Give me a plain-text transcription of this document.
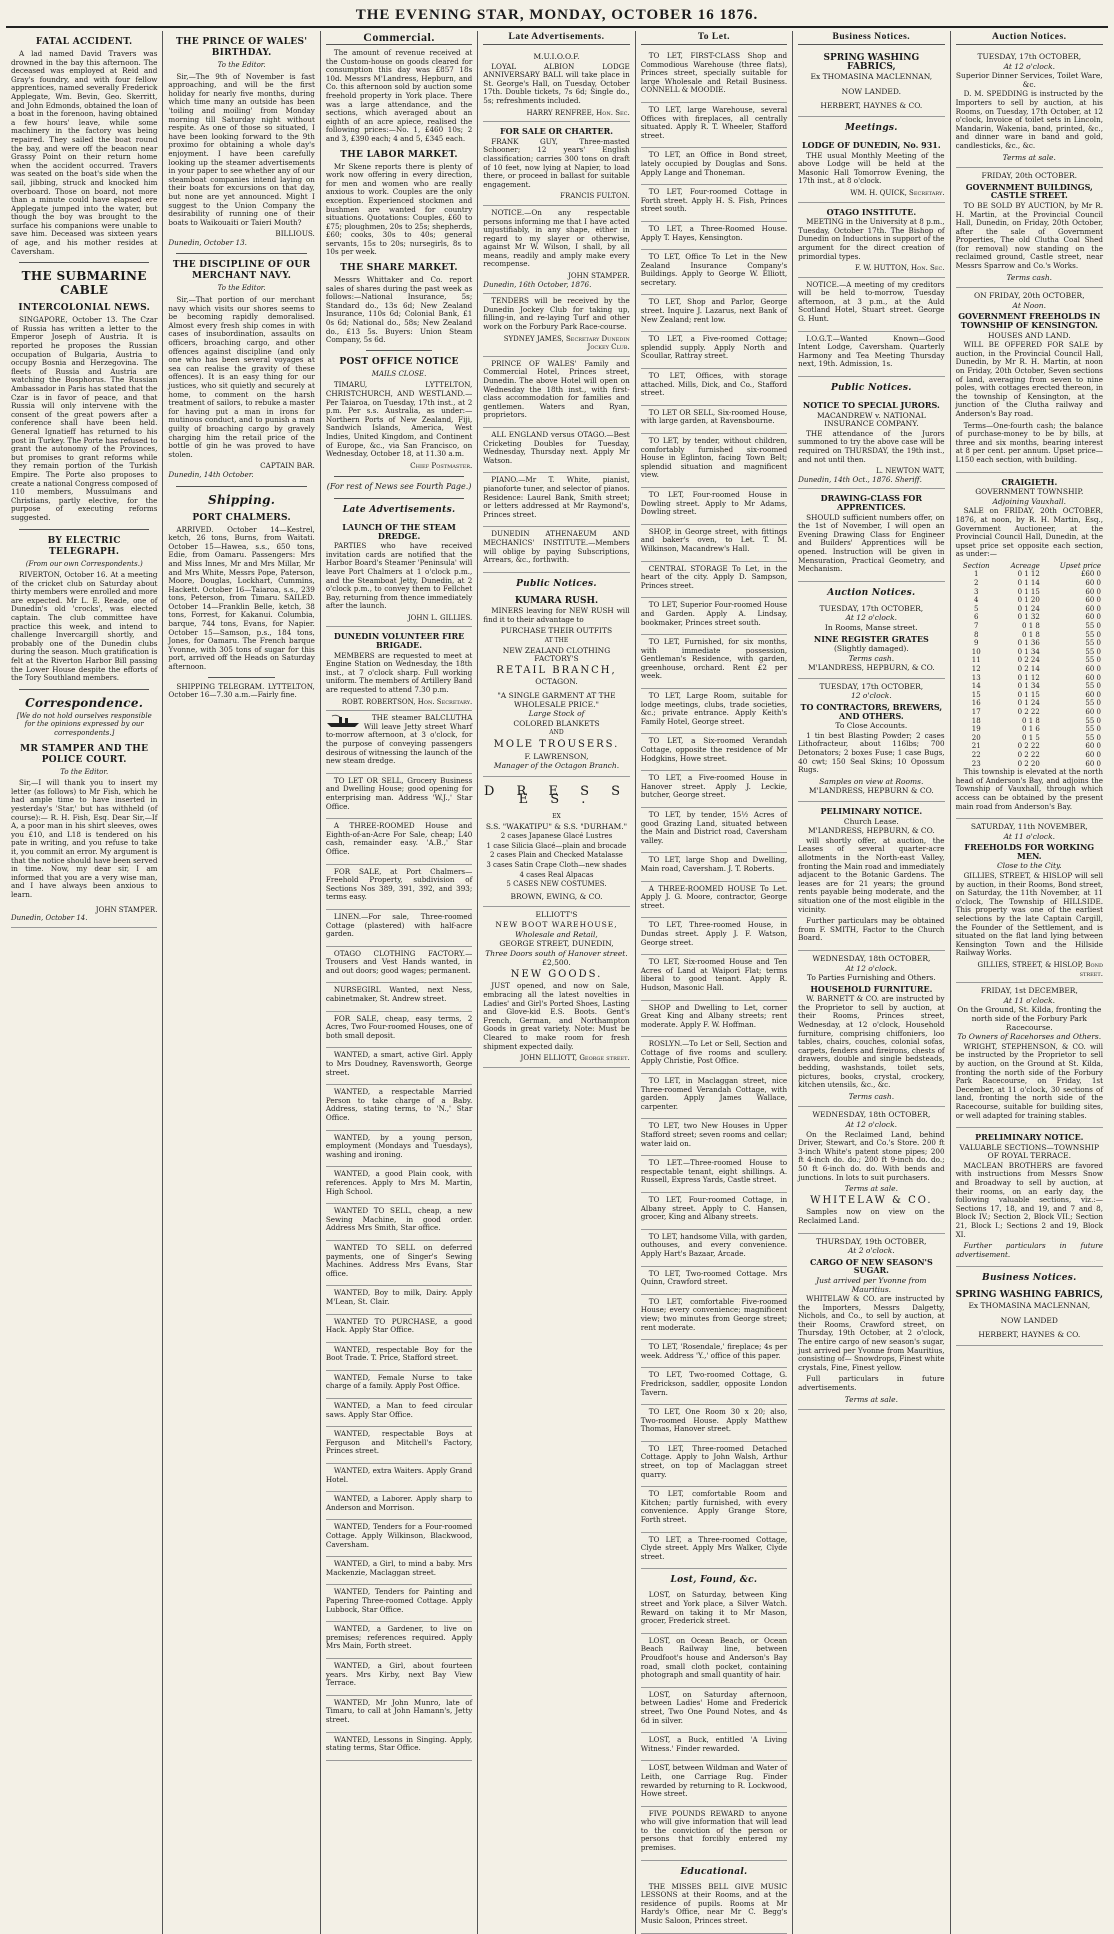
THE EVENING STAR, MONDAY, OCTOBER 16 1876.
FATAL ACCIDENT.

A lad named David Travers was drowned in the bay this afternoon. The deceased was employed at Reid and Gray's foundry, and with four fellow apprentices, named severally Frederick Applegate, Wm. Bevin, Geo. Skerritt, and John Edmonds, obtained the loan of a boat in the forenoon, having obtained a few hours' leave, while some machinery in the factory was being repaired. They sailed the boat round the bay, and were off the beacon near Grassy Point on their return home when the accident occurred. Travers was seated on the boat's side when the sail, jibbing, struck and knocked him overboard. Those on board, not more than a minute could have elapsed ere Applegate jumped into the water, but though the boy was brought to the surface his companions were unable to save him. Deceased was sixteen years of age, and his mother resides at Caversham.

THE SUBMARINE CABLE
INTERCOLONIAL NEWS.

SINGAPORE, October 13. The Czar of Russia has written a letter to the Emperor Joseph of Austria. It is reported he proposes the Russian occupation of Bulgaria, Austria to occupy Bosnia and Herzegovina. The fleets of Russia and Austria are watching the Bosphorus. The Russian Ambassador in Paris has stated that the Czar is in favor of peace, and that Russia will only intervene with the consent of the great powers after a conference shall have been held. General Ignatieff has returned to his post in Turkey. The Porte has refused to grant the autonomy of the Provinces, but promises to grant reforms while they remain portion of the Turkish Empire. The Porte also proposes to create a national Congress composed of 110 members, Mussulmans and Christians, partly elective, for the purpose of executing reforms suggested.

BY ELECTRIC TELEGRAPH.
(From our own Correspondents.)

RIVERTON, October 16. At a meeting of the cricket club on Saturday about thirty members were enrolled and more are expected. Mr L. E. Reade, one of Dunedin's old 'crocks', was elected captain. The club committee have practice this week, and intend to challenge Invercargill shortly, and probably one of the Dunedin clubs during the season. Much gratification is felt at the Riverton Harbor Bill passing the Lower House despite the efforts of the Tory Southland members.

Correspondence.
[We do not hold ourselves responsible for the opinions expressed by our correspondents.]
MR STAMPER AND THE POLICE COURT.
To the Editor.

Sir,—I will thank you to insert my letter (as follows) to Mr Fish, which he had ample time to have inserted in yesterday's 'Star,' but has withheld (of course):— R. H. Fish, Esq. Dear Sir,—If A, a poor man in his shirt sleeves, owes you £10, and L18 is tendered on his pate in writing, and you refuse to take it, you commit an error. My argument is that the notice should have been served in time. Now, my dear sir, I am informed that you are a very wise man, and I have always been anxious to learn.

JOHN STAMPER.
Dunedin, October 14.
THE PRINCE OF WALES' BIRTHDAY.
To the Editor.

Sir,—The 9th of November is fast approaching, and will be the first holiday for nearly five months, during which time many an outside has been 'toiling and moiling' from Monday morning till Saturday night without respite. As one of those so situated, I have been looking forward to the 9th proximo for obtaining a whole day's enjoyment. I have been carefully looking up the steamer advertisements in your paper to see whether any of our steamboat companies intend laying on their boats for excursions on that day, but none are yet announced. Might I suggest to the Union Company the desirability of running one of their boats to Waikouaiti or Taieri Mouth?

BILLIOUS.
Dunedin, October 13.
THE DISCIPLINE OF OUR MERCHANT NAVY.
To the Editor.

Sir,—That portion of our merchant navy which visits our shores seems to be becoming rapidly demoralised. Almost every fresh ship comes in with cases of insubordination, assaults on officers, broaching cargo, and other offences against discipline (and only one who has been several voyages at sea can realise the gravity of these offences). It is an easy thing for our justices, who sit quietly and securely at home, to comment on the harsh treatment of sailors, to rebuke a master for having put a man in irons for mutinous conduct, and to punish a man guilty of broaching cargo by gravely charging him the retail price of the bottle of gin he was proved to have stolen.

CAPTAIN BAR.
Dunedin, 14th October.
Shipping.
PORT CHALMERS.

ARRIVED. October 14—Kestrel, ketch, 26 tons, Burns, from Waitati. October 15—Hawea, s.s., 650 tons, Edie, from Oamaru. Passengers: Mrs and Miss Innes, Mr and Mrs Millar, Mr and Mrs White, Messrs Pope, Paterson, Moore, Douglas, Lockhart, Cummins, Hackett. October 16—Taiaroa, s.s., 239 tons, Peterson, from Timaru. SAILED. October 14—Franklin Belle, ketch, 38 tons, Forrest, for Kakanui. Columbia, barque, 744 tons, Evans, for Napier. October 15—Samson, p.s., 184 tons, Jones, for Oamaru. The French barque Yvonne, with 305 tons of sugar for this port, arrived off the Heads on Saturday afternoon.

SHIPPING TELEGRAM. LYTTELTON, October 16—7.30 a.m.—Fairly fine.

Commercial.

The amount of revenue received at the Custom-house on goods cleared for consumption this day was £857 18s 10d. Messrs M'Landress, Hepburn, and Co. this afternoon sold by auction some freehold property in York place. There was a large attendance, and the sections, which averaged about an eighth of an acre apiece, realised the following prices:—No. 1, £460 10s; 2 and 3, £390 each; 4 and 5, £345 each.

THE LABOR MARKET.

Mr Skene reports there is plenty of work now offering in every direction, for men and women who are really anxious to work. Couples are the only exception. Experienced stockmen and bushmen are wanted for country situations. Quotations: Couples, £60 to £75; ploughmen, 20s to 25s; shepherds, £60; cooks, 30s to 40s; general servants, 15s to 20s; nursegirls, 8s to 10s per week.

THE SHARE MARKET.

Messrs Whittaker and Co. report sales of shares during the past week as follows:—National Insurance, 5s; Standard do., 13s 6d; New Zealand Insurance, 110s 6d; Colonial Bank, £1 0s 6d; National do., 58s; New Zealand do., £13 5s. Buyers: Union Steam Company, 5s 6d.

POST OFFICE NOTICE
MAILS CLOSE.

TIMARU, LYTTELTON, CHRISTCHURCH, AND WESTLAND.—Per Taiaroa, on Tuesday, 17th inst., at 2 p.m. Per s.s. Australia, as under:— Northern Ports of New Zealand, Fiji, Sandwich Islands, America, West Indies, United Kingdom, and Continent of Europe, &c., via San Francisco, on Wednesday, October 18, at 11.30 a.m.

Chief Postmaster.
(For rest of News see Fourth Page.)
Late Advertisements.
LAUNCH OF THE STEAM DREDGE.

PARTIES who have received invitation cards are notified that the Harbor Board's Steamer 'Peninsula' will leave Port Chalmers at 1 o'clock p.m., and the Steamboat Jetty, Dunedin, at 2 o'clock p.m., to convey them to Fellchet Bay, returning from thence immediately after the launch.

JOHN L. GILLIES.
DUNEDIN VOLUNTEER FIRE BRIGADE.

MEMBERS are requested to meet at Engine Station on Wednesday, the 18th inst., at 7 o'clock sharp. Full working uniform. The members of Artillery Band are requested to attend 7.30 p.m.

ROBT. ROBERTSON, Hon. Secretary.

THE steamer BALCLUTHA Will leave Jetty street Wharf to-morrow afternoon, at 3 o'clock, for the purpose of conveying passengers desirous of witnessing the launch of the new steam dredge.

TO LET OR SELL, Grocery Business and Dwelling House; good opening for enterprising man. Address 'W.J.,' Star Office.

A THREE-ROOMED House and Eighth-of-an-Acre For Sale, cheap; L40 cash, remainder easy. 'A.B.,' Star Office.

FOR SALE, at Port Chalmers—Freehold Property, subdivision of Sections Nos 389, 391, 392, and 393; terms easy.

LINEN.—For sale, Three-roomed Cottage (plastered) with half-acre garden.

OTAGO CLOTHING FACTORY.—Trousers and Vest Hands wanted, in and out doors; good wages; permanent.

NURSEGIRL Wanted, next Ness, cabinetmaker, St. Andrew street.

FOR SALE, cheap, easy terms, 2 Acres, Two Four-roomed Houses, one of both small deposit.

WANTED, a smart, active Girl. Apply to Mrs Doudney, Ravensworth, George street.

WANTED, a respectable Married Person to take charge of a Baby. Address, stating terms, to 'N.,' Star Office.

WANTED, by a young person, employment (Mondays and Tuesdays), washing and ironing.

WANTED, a good Plain cook, with references. Apply to Mrs M. Martin, High School.

WANTED TO SELL, cheap, a new Sewing Machine, in good order. Address Mrs Smith, Star office.

WANTED TO SELL on deferred payments, one of Singer's Sewing Machines. Address Mrs Evans, Star office.

WANTED, Boy to milk, Dairy. Apply M'Lean, St. Clair.

WANTED TO PURCHASE, a good Hack. Apply Star Office.

WANTED, respectable Boy for the Boot Trade. T. Price, Stafford street.

WANTED, Female Nurse to take charge of a family. Apply Post Office.

WANTED, a Man to feed circular saws. Apply Star Office.

WANTED, respectable Boys at Ferguson and Mitchell's Factory, Princes street.

WANTED, extra Waiters. Apply Grand Hotel.

WANTED, a Laborer. Apply sharp to Anderson and Morrison.

WANTED, Tenders for a Four-roomed Cottage. Apply Wilkinson, Blackwood, Caversham.

WANTED, a Girl, to mind a baby. Mrs Mackenzie, Maclaggan street.

WANTED, Tenders for Painting and Papering Three-roomed Cottage. Apply Lubbock, Star Office.

WANTED, a Gardener, to live on premises; references required. Apply Mrs Main, Forth street.

WANTED, a Girl, about fourteen years. Mrs Kirby, next Bay View Terrace.

WANTED, Mr John Munro, late of Timaru, to call at John Hamann's, Jetty street.

WANTED, Lessons in Singing. Apply, stating terms, Star Office.

Late Advertisements.
M.U.I.O.O.F.

LOYAL ALBION LODGE ANNIVERSARY BALL will take place in St. George's Hall, on Tuesday, October 17th. Double tickets, 7s 6d; Single do., 5s; refreshments included.

HARRY RENFREE, Hon. Sec.
FOR SALE OR CHARTER.

FRANK GUY, Three-masted Schooner; 12 years' English classification; carries 300 tons on draft of 10 feet, now lying at Napier, to load there, or proceed in ballast for suitable engagement.

FRANCIS FULTON.

NOTICE.—On any respectable persons informing me that I have acted unjustifiably, in any shape, either in regard to my slayer or otherwise, against Mr W. Wilson, I shall, by all means, readily and amply make every recompense.

JOHN STAMPER.
Dunedin, 16th October, 1876.

TENDERS will be received by the Dunedin Jockey Club for taking up, filling-in, and re-laying Turf and other work on the Forbury Park Race-course.

SYDNEY JAMES, Secretary Dunedin Jockey Club.

PRINCE OF WALES' Family and Commercial Hotel, Princes street, Dunedin. The above Hotel will open on Wednesday the 18th inst., with first-class accommodation for families and gentlemen. Waters and Ryan, proprietors.

ALL ENGLAND versus OTAGO.—Best Cricketing Doubles for Tuesday, Wednesday, Thursday next. Apply Mr Watson.

PIANO.—Mr T. White, pianist, pianoforte tuner, and selector of pianos. Residence: Laurel Bank, Smith street; or letters addressed at Mr Raymond's, Princes street.

DUNEDIN ATHENAEUM AND MECHANICS' INSTITUTE.—Members will oblige by paying Subscriptions, Arrears, &c., forthwith.

Public Notices.
KUMARA RUSH.

MINERS leaving for NEW RUSH will find it to their advantage to

PURCHASE THEIR OUTFITS
AT THE
NEW ZEALAND CLOTHING FACTORY'S
RETAIL BRANCH,
OCTAGON.
"A SINGLE GARMENT AT THE WHOLESALE PRICE."
Large Stock of
COLORED BLANKETS
AND
MOLE TROUSERS.
F. LAWRENSON,
Manager of the Octagon Branch.
D R E S S E S .
EX
S.S. "WAKATIPU" & S.S. "DURHAM."
2 cases Japanese Glacé Lustres
1 case Silicia Glacé—plain and brocade
2 cases Plain and Checked Matalasse
3 cases Satin Crape Cloth—new shades
4 cases Real Alpacas
5 CASES NEW COSTUMES.
BROWN, EWING, & CO.
ELLIOTT'S
NEW BOOT WAREHOUSE,
Wholesale and Retail,
GEORGE STREET, DUNEDIN,
Three Doors south of Hanover street.
£2,500.
NEW GOODS.

JUST opened, and now on Sale, embracing all the latest novelties in Ladies' and Girl's Ported Shoes, Lasting and Glove-kid E.S. Boots. Gent's French, German, and Northampton Goods in great variety. Note: Must be Cleared to make room for fresh shipment expected daily.

JOHN ELLIOTT, George street.
To Let.

TO LET, FIRST-CLASS Shop and Commodious Warehouse (three flats), Princes street, specially suitable for large Wholesale and Retail Business. CONNELL & MOODIE.

TO LET, large Warehouse, several Offices with fireplaces, all centrally situated. Apply R. T. Wheeler, Stafford street.

TO LET, an Office in Bond street, lately occupied by Douglas and Sons. Apply Lange and Thoneman.

TO LET, Four-roomed Cottage in Forth street. Apply H. S. Fish, Princes street south.

TO LET, a Three-Roomed House. Apply T. Hayes, Kensington.

TO LET, Office To Let in the New Zealand Insurance Company's Buildings. Apply to George W. Elliott, secretary.

TO LET, Shop and Parlor, George street. Inquire J. Lazarus, next Bank of New Zealand; rent low.

TO LET, a Five-roomed Cottage; splendid supply. Apply North and Scoullar, Rattray street.

TO LET, Offices, with storage attached. Mills, Dick, and Co., Stafford street.

TO LET OR SELL, Six-roomed House, with large garden, at Ravensbourne.

TO LET, by tender, without children, comfortably furnished six-roomed House in Eglinton, facing Town Belt; splendid situation and magnificent view.

TO LET, Four-roomed House in Dowling street. Apply to Mr Adams, Dowling street.

SHOP, in George street, with fittings and baker's oven, to Let. T. M. Wilkinson, Macandrew's Hall.

CENTRAL STORAGE To Let, in the heart of the city. Apply D. Sampson, Princes street.

TO LET, Superior Four-roomed House and Garden. Apply A. Lindsay, bookmaker, Princes street south.

TO LET, Furnished, for six months, with immediate possession, Gentleman's Residence, with garden, greenhouse, orchard. Rent £2 per week.

TO LET, Large Room, suitable for lodge meetings, clubs, trade societies, &c.; private entrance. Apply Keith's Family Hotel, George street.

TO LET, a Six-roomed Verandah Cottage, opposite the residence of Mr Hodgkins, Howe street.

TO LET, a Five-roomed House in Hanover street. Apply J. Leckie, butcher, George street.

TO LET, by tender, 15½ Acres of good Grazing Land, situated between the Main and District road, Caversham valley.

TO LET, large Shop and Dwelling, Main road, Caversham. J. T. Roberts.

A THREE-ROOMED HOUSE To Let. Apply J. G. Moore, contractor, George street.

TO LET, Three-roomed House, in Dundas street. Apply J. F. Watson, George street.

TO LET, Six-roomed House and Ten Acres of Land at Waipori Flat; terms liberal to good tenant. Apply R. Hudson, Masonic Hall.

SHOP and Dwelling to Let, corner Great King and Albany streets; rent moderate. Apply F. W. Hoffman.

ROSLYN.—To Let or Sell, Section and Cottage of five rooms and scullery. Apply Christie, Post Office.

TO LET, in Maclaggan street, nice Three-roomed Verandah Cottage, with garden. Apply James Wallace, carpenter.

TO LET, two New Houses in Upper Stafford street; seven rooms and cellar; water laid on.

TO LET.—Three-roomed House to respectable tenant, eight shillings. A. Russell, Express Yards, Castle street.

TO LET, Four-roomed Cottage, in Albany street. Apply to C. Hansen, grocer, King and Albany streets.

TO LET, handsome Villa, with garden, outhouses, and every convenience. Apply Hart's Bazaar, Arcade.

TO LET, Two-roomed Cottage. Mrs Quinn, Crawford street.

TO LET, comfortable Five-roomed House; every convenience; magnificent view; two minutes from George street; rent moderate.

TO LET, 'Rosendale,' fireplace; 4s per week. Address 'Y.,' office of this paper.

TO LET, Two-roomed Cottage, G. Fredrickson, saddler, opposite London Tavern.

TO LET, One Room 30 x 20; also, Two-roomed House. Apply Matthew Thomas, Hanover street.

TO LET, Three-roomed Detached Cottage. Apply to John Walsh, Arthur street, on top of Maclaggan street quarry.

TO LET, comfortable Room and Kitchen; partly furnished, with every convenience. Apply Grange Store, Forth street.

TO LET, a Three-roomed Cottage, Clyde street. Apply Mrs Walker, Clyde street.

Lost, Found, &c.

LOST, on Saturday, between King street and York place, a Silver Watch. Reward on taking it to Mr Mason, grocer, Frederick street.

LOST, on Ocean Beach, or Ocean Beach Railway line, between Proudfoot's house and Anderson's Bay road, small cloth pocket, containing photograph and small quantity of hair.

LOST, on Saturday afternoon, between Ladies' Home and Frederick street, Two One Pound Notes, and 4s 6d in silver.

LOST, a Buck, entitled 'A Living Witness.' Finder rewarded.

LOST, between Wildman and Water of Leith, one Carriage Rug. Finder rewarded by returning to R. Lockwood, Howe street.

FIVE POUNDS REWARD to anyone who will give information that will lead to the conviction of the person or persons that forcibly entered my premises.

Educational.

THE MISSES BELL GIVE MUSIC LESSONS at their Rooms, and at the residence of pupils. Rooms at Mr Hardy's Office, near Mr C. Begg's Music Saloon, Princes street.

Business Notices.
SPRING WASHING FABRICS,
Ex THOMASINA MACLENNAN,
NOW LANDED.
HERBERT, HAYNES & CO.
Meetings.
LODGE OF DUNEDIN, No. 931.

THE usual Monthly Meeting of the above Lodge will be held at the Masonic Hall Tomorrow Evening, the 17th inst., at 8 o'clock.

WM. H. QUICK, Secretary.
OTAGO INSTITUTE.

MEETING in the University at 8 p.m., Tuesday, October 17th. The Bishop of Dunedin on Inductions in support of the argument for the direct creation of primordial types.

F. W. HUTTON, Hon. Sec.

NOTICE.—A meeting of my creditors will be held to-morrow, Tuesday afternoon, at 3 p.m., at the Auld Scotland Hotel, Stuart street. George G. Hunt.

I.O.G.T.—Wanted Known—Good Intent Lodge, Caversham. Quarterly Harmony and Tea Meeting Thursday next, 19th. Admission, 1s.

Public Notices.
NOTICE TO SPECIAL JURORS.
MACANDREW v. NATIONAL INSURANCE COMPANY.

THE attendance of the Jurors summoned to try the above case will be required on THURSDAY, the 19th inst., and not until then.

L. NEWTON WATT,
Dunedin, 14th Oct., 1876. Sheriff.
DRAWING-CLASS FOR APPRENTICES.

SHOULD sufficient numbers offer, on the 1st of November, I will open an Evening Drawing Class for Engineer and Builders' Apprentices will be opened. Instruction will be given in Mensuration, Practical Geometry, and Mechanism.

Auction Notices.
TUESDAY, 17th OCTOBER,
At 12 o'clock.
In Rooms, Manse street.
NINE REGISTER GRATES
(Slightly damaged).
Terms cash.
M'LANDRESS, HEPBURN, & CO.
TUESDAY, 17th OCTOBER,
12 o'clock.
TO CONTRACTORS, BREWERS, AND OTHERS.
To Close Accounts.

1 tin best Blasting Powder; 2 cases Lithofracteur, about 116lbs; 700 Detonators; 2 boxes Fuse; 1 case Bugs, 40 cwt; 150 Seal Skins; 10 Opossum Rugs.

Samples on view at Rooms.
M'LANDRESS, HEPBURN & CO.
PELIMINARY NOTICE.
Church Lease.
M'LANDRESS, HEPBURN, & CO.

will shortly offer, at auction, the Leases of several quarter-acre allotments in the North-east Valley, fronting the Main road and immediately adjacent to the Botanic Gardens. The leases are for 21 years; the ground rents payable being moderate, and the situation one of the most eligible in the vicinity.

Further particulars may be obtained from F. SMITH, Factor to the Church Board.

WEDNESDAY, 18th OCTOBER,
At 12 o'clock.
To Parties Furnishing and Others.
HOUSEHOLD FURNITURE.

W. BARNETT & CO. are instructed by the Proprietor to sell by auction, at their Rooms, Princes street, Wednesday, at 12 o'clock, Household furniture, comprising chiffoniers, loo tables, chairs, couches, colonial sofas, carpets, fenders and fireirons, chests of drawers, double and single bedsteads, bedding, washstands, toilet sets, pictures, books, crystal, crockery, kitchen utensils, &c., &c.

Terms cash.
WEDNESDAY, 18th OCTOBER,
At 12 o'clock.

On the Reclaimed Land, behind Driver, Stewart, and Co.'s Store. 200 ft 3-inch White's patent stone pipes; 200 ft 4-inch do. do.; 200 ft 9-inch do. do.; 50 ft 6-inch do. do. With bends and junctions. In lots to suit purchasers.

Terms at sale.
WHITELAW & CO.

Samples now on view on the Reclaimed Land.

THURSDAY, 19th OCTOBER,
At 2 o'clock.
CARGO OF NEW SEASON'S SUGAR.
Just arrived per Yvonne from Mauritius.

WHITELAW & CO. are instructed by the Importers, Messrs Dalgetty, Nichols, and Co., to sell by auction, at their Rooms, Crawford street, on Thursday, 19th October, at 2 o'clock, The entire cargo of new season's sugar, just arrived per Yvonne from Mauritius, consisting of— Snowdrops, Finest white crystals, Fine, Finest yellow.

Full particulars in future advertisements.

Terms at sale.
Auction Notices.
TUESDAY, 17th OCTOBER,
At 12 o'clock.
Superior Dinner Services, Toilet Ware, &c.

D. M. SPEDDING is instructed by the Importers to sell by auction, at his Rooms, on Tuesday, 17th October, at 12 o'clock, Invoice of toilet sets in Lincoln, Mandarin, Wakenia, band, printed, &c., and dinner ware in band and gold, candlesticks, &c., &c.

Terms at sale.
FRIDAY, 20th OCTOBER.
GOVERNMENT BUILDINGS, CASTLE STREET.

TO BE SOLD BY AUCTION, by Mr R. H. Martin, at the Provincial Council Hall, Dunedin, on Friday, 20th October, after the sale of Government Properties, The old Clutha Coal Shed (for removal) now standing on the reclaimed ground, Castle street, near Messrs Sparrow and Co.'s Works.

Terms cash.
ON FRIDAY, 20th OCTOBER,
At Noon.
GOVERNMENT FREEHOLDS IN TOWNSHIP OF KENSINGTON.
HOUSES AND LAND.

WILL BE OFFERED FOR SALE by auction, in the Provincial Council Hall, Dunedin, by Mr R. H. Martin, at noon on Friday, 20th October, Seven sections of land, averaging from seven to nine poles, with cottages erected thereon, in the township of Kensington, at the junction of the Clutha railway and Anderson's Bay road.

Terms—One-fourth cash; the balance of purchase-money to be by bills, at three and six months, bearing interest at 8 per cent. per annum. Upset price—L150 each section, with building.

CRAIGIETH.
GOVERNMENT TOWNSHIP.
Adjoining Vauxhall.

SALE on FRIDAY, 20th OCTOBER, 1876, at noon, by R. H. Martin, Esq., Government Auctioneer, at the Provincial Council Hall, Dunedin, at the upset price set opposite each section, as under:—

Section	Acreage	Upset price
1	0 1 12	£60 0
2	0 1 14	60 0
3	0 1 15	60 0
4	0 1 20	60 0
5	0 1 24	60 0
6	0 1 32	60 0
7	0 1 8	55 0
8	0 1 8	55 0
9	0 1 36	55 0
10	0 1 34	55 0
11	0 2 24	55 0
12	0 2 14	60 0
13	0 1 12	60 0
14	0 1 34	55 0
15	0 1 15	60 0
16	0 1 24	55 0
17	0 2 22	60 0
18	0 1 8	55 0
19	0 1 6	55 0
20	0 1 5	55 0
21	0 2 22	60 0
22	0 2 22	60 0
23	0 2 20	60 0

This township is elevated at the north head of Anderson's Bay, and adjoins the Township of Vauxhall, through which access can be obtained by the present main road from Anderson's Bay.

SATURDAY, 11th NOVEMBER,
At 11 o'clock.
FREEHOLDS FOR WORKING MEN.
Close to the City.

GILLIES, STREET, & HISLOP will sell by auction, in their Rooms, Bond street, on Saturday, the 11th November, at 11 o'clock, The Township of HILLSIDE. This property was one of the earliest selections by the late Captain Cargill, the Founder of the Settlement, and is situated on the flat land lying between Kensington Town and the Hillside Railway Works.

GILLIES, STREET, & HISLOP, Bond street.
FRIDAY, 1st DECEMBER,
At 11 o'clock.
On the Ground, St. Kilda, fronting the north side of the Forbury Park Racecourse.
To Owners of Racehorses and Others.

WRIGHT, STEPHENSON, & CO. will be instructed by the Proprietor to sell by auction, on the Ground at St. Kilda, fronting the north side of the Forbury Park Racecourse, on Friday, 1st December, at 11 o'clock, 30 sections of land, fronting the north side of the Racecourse, suitable for building sites, or well adapted for training stables.

PRELIMINARY NOTICE.
VALUABLE SECTIONS—TOWNSHIP OF ROYAL TERRACE.

MACLEAN BROTHERS are favored with instructions from Messrs Snow and Broadway to sell by auction, at their rooms, on an early day, the following valuable sections, viz.:— Sections 17, 18, and 19, and 7 and 8, Block IV.; Section 2, Block VII.; Section 21, Block I.; Sections 2 and 19, Block XI.

Further particulars in future advertisement.

Business Notices.
SPRING WASHING FABRICS,
Ex THOMASINA MACLENNAN,
NOW LANDED
HERBERT, HAYNES & CO.
